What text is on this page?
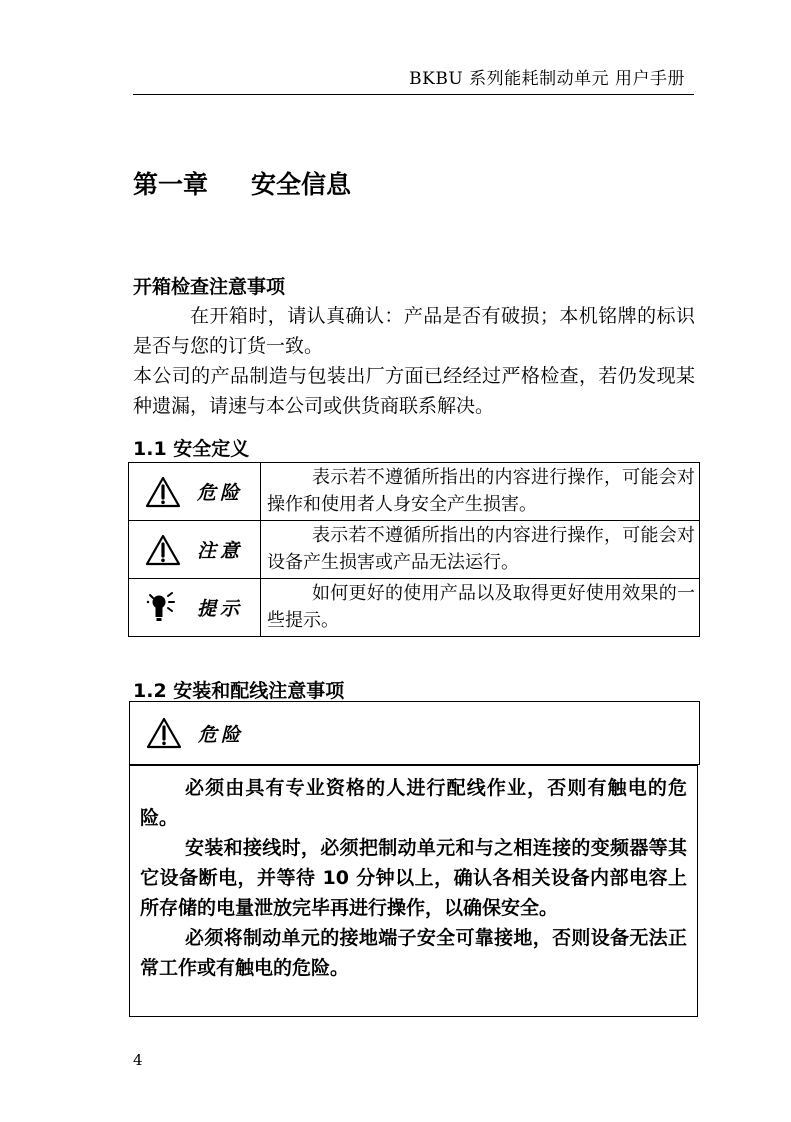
BKBU 系列能耗制动单元 用户手册
第一章 安全信息
开箱检查注意事项

在开箱时，请认真确认：产品是否有破损；本机铭牌的标识是否与您的订货一致。

本公司的产品制造与包装出厂方面已经经过严格检查，若仍发现某种遗漏，请速与本公司或供货商联系解决。

1.1 安全定义
危险	表示若不遵循所指出的内容进行操作，可能会对操作和使用者人身安全产生损害。

注意	表示若不遵循所指出的内容进行操作，可能会对设备产生损害或产品无法运行。

提示	如何更好的使用产品以及取得更好使用效果的一些提示。
1.2 安装和配线注意事项
危险

必须由具有专业资格的人进行配线作业，否则有触电的危险。

安装和接线时，必须把制动单元和与之相连接的变频器等其它设备断电，并等待 10 分钟以上，确认各相关设备内部电容上所存储的电量泄放完毕再进行操作，以确保安全。

必须将制动单元的接地端子安全可靠接地，否则设备无法正常工作或有触电的危险。

4
